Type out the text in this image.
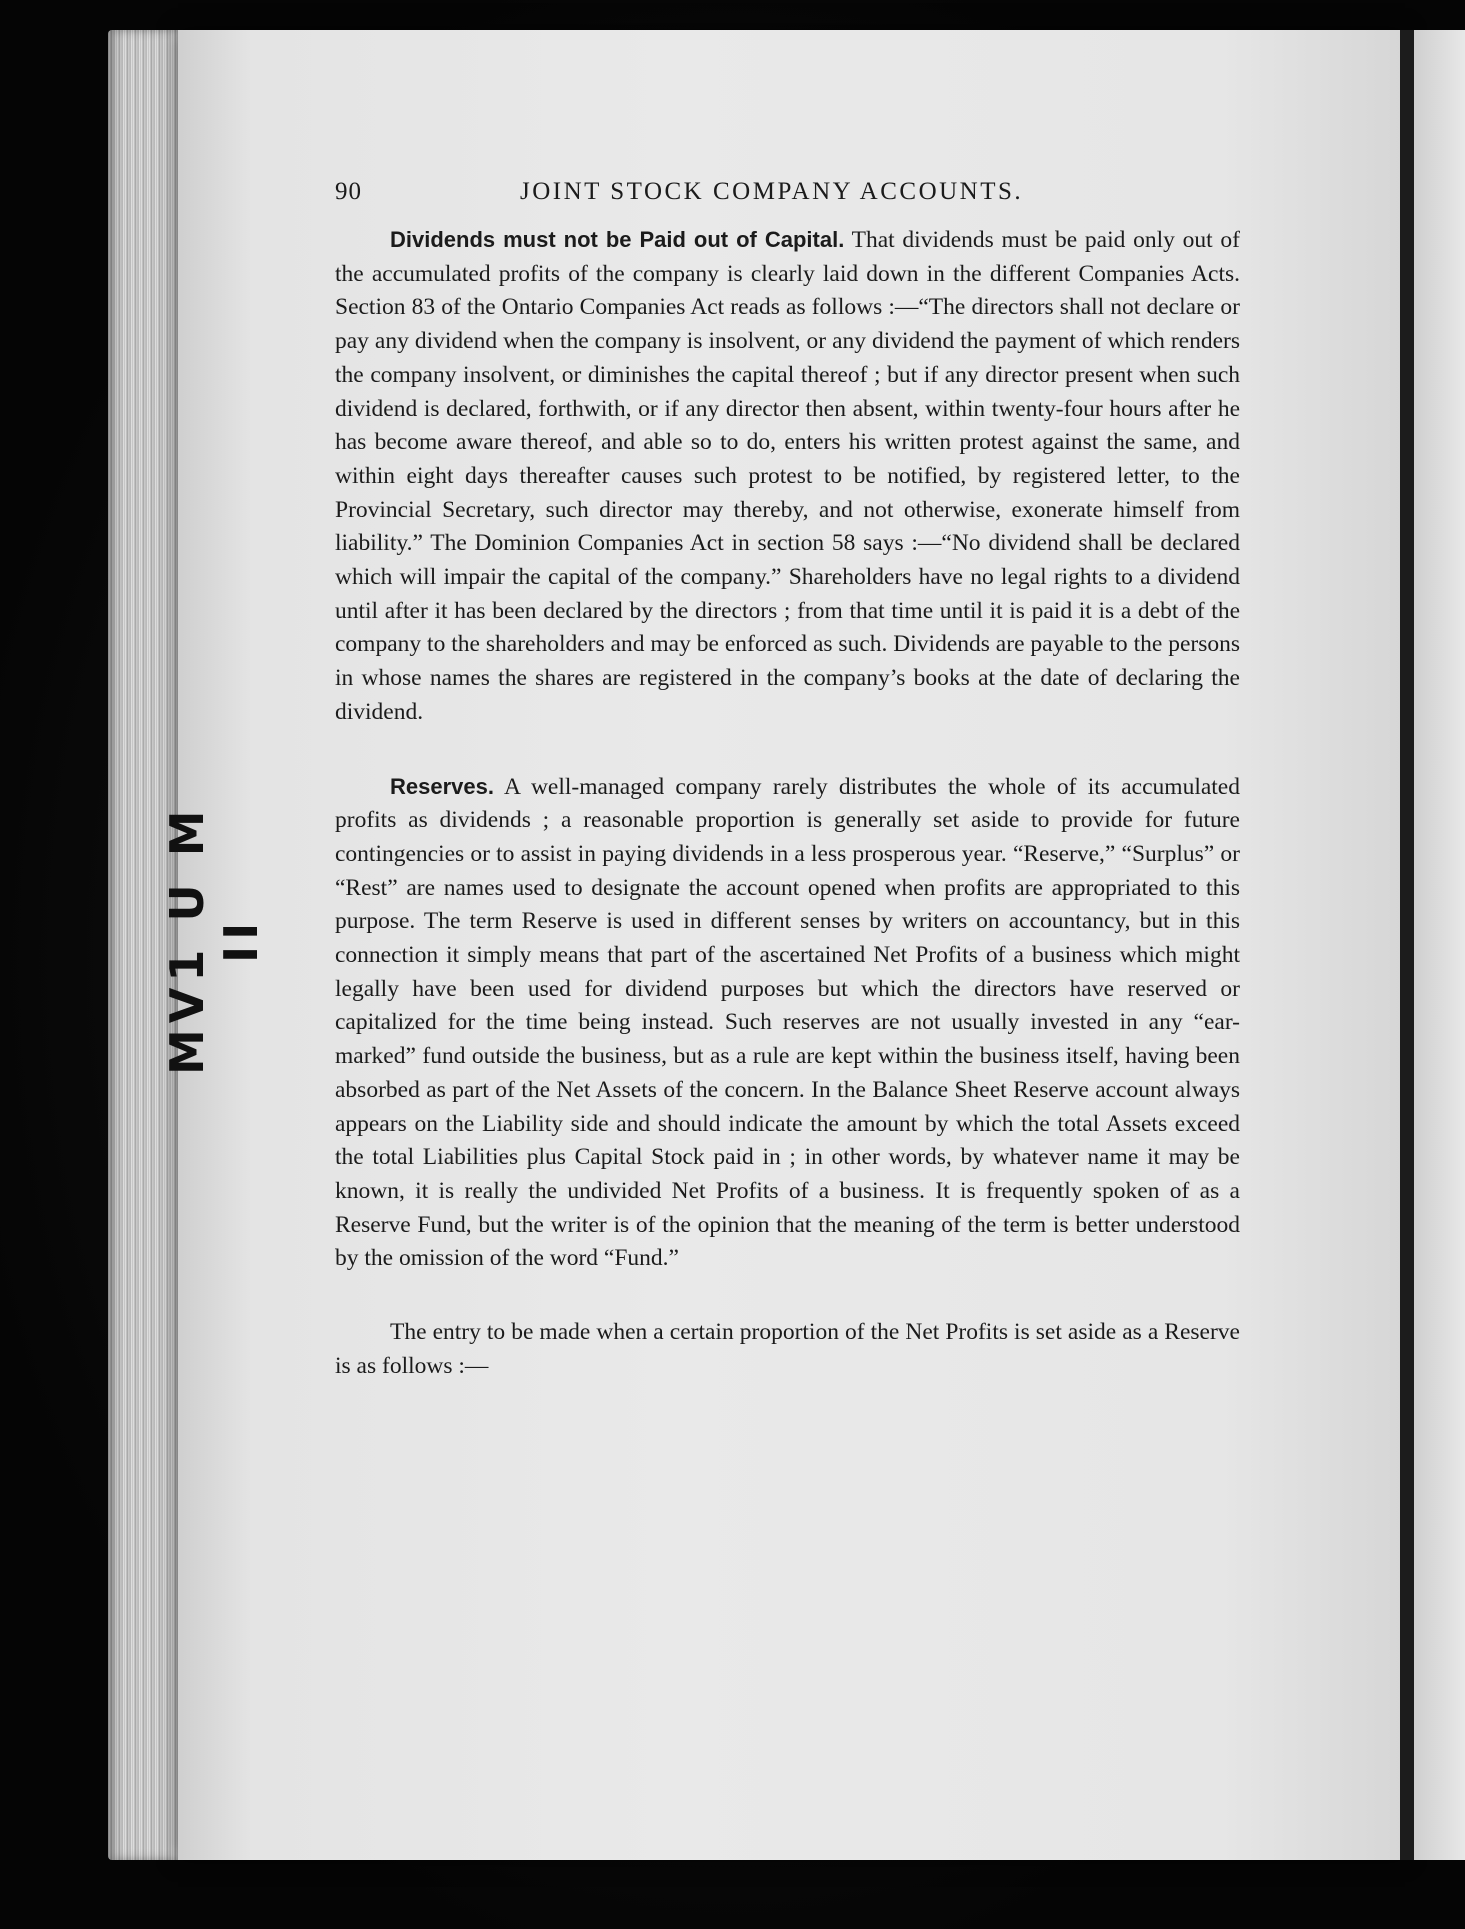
MV1 U M II
90	JOINT STOCK COMPANY ACCOUNTS.

Dividends must not be Paid out of Capital. That dividends must be paid only out of the accumulated profits of the company is clearly laid down in the different Companies Acts. Section 83 of the Ontario Companies Act reads as follows :—“The directors shall not declare or pay any dividend when the company is insolvent, or any dividend the payment of which renders the company insolvent, or diminishes the capital thereof ; but if any director present when such dividend is declared, forthwith, or if any director then absent, within twenty-four hours after he has become aware thereof, and able so to do, enters his written protest against the same, and within eight days thereafter causes such protest to be notified, by registered letter, to the Provincial Secretary, such director may thereby, and not otherwise, exonerate himself from liability.” The Dominion Companies Act in section 58 says :—“No dividend shall be declared which will impair the capital of the company.” Shareholders have no legal rights to a dividend until after it has been declared by the directors ; from that time until it is paid it is a debt of the company to the shareholders and may be enforced as such. Dividends are payable to the persons in whose names the shares are registered in the company’s books at the date of declaring the dividend.

Reserves. A well-managed company rarely distributes the whole of its accumulated profits as dividends ; a reasonable proportion is generally set aside to provide for future contingencies or to assist in paying dividends in a less prosperous year. “Reserve,” “Surplus” or “Rest” are names used to designate the account opened when profits are appropriated to this purpose. The term Reserve is used in different senses by writers on accountancy, but in this connection it simply means that part of the ascertained Net Profits of a business which might legally have been used for dividend purposes but which the directors have reserved or capitalized for the time being instead. Such reserves are not usually invested in any “ear-marked” fund outside the business, but as a rule are kept within the business itself, having been absorbed as part of the Net Assets of the concern. In the Balance Sheet Reserve account always appears on the Liability side and should indicate the amount by which the total Assets exceed the total Liabilities plus Capital Stock paid in ; in other words, by whatever name it may be known, it is really the undivided Net Profits of a business. It is frequently spoken of as a Reserve Fund, but the writer is of the opinion that the meaning of the term is better understood by the omission of the word “Fund.”

The entry to be made when a certain proportion of the Net Profits is set aside as a Reserve is as follows :—
